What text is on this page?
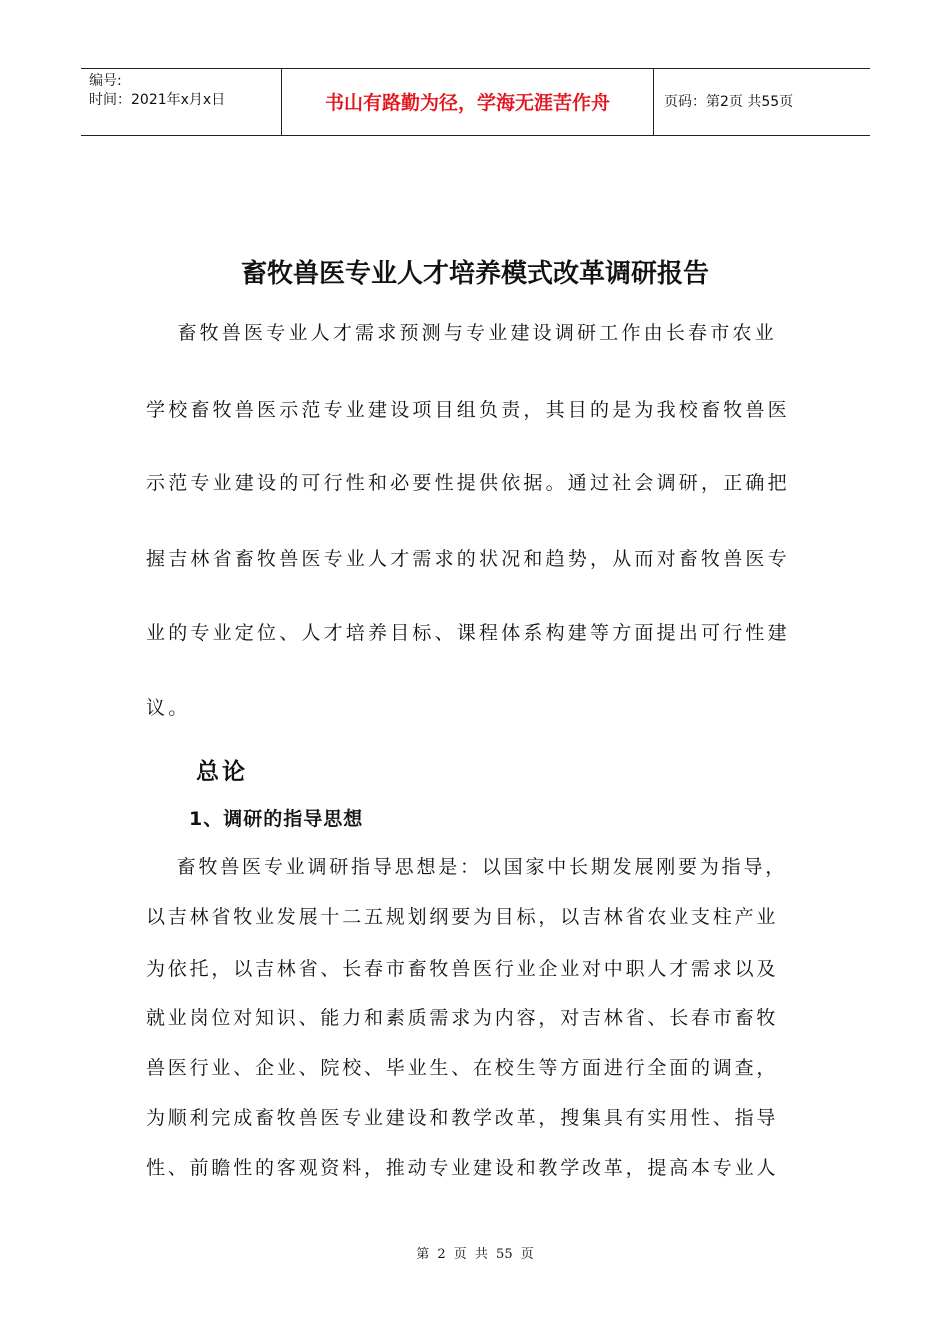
编号:
时间：2021年x月x日	书山有路勤为径，学海无涯苦作舟	页码：第2页 共55页
畜牧兽医专业人才培养模式改革调研报告
　 畜牧兽医专业人才需求预测与专业建设调研工作由长春市农业
学校畜牧兽医示范专业建设项目组负责，其目的是为我校畜牧兽医
示范专业建设的可行性和必要性提供依据。通过社会调研，正确把
握吉林省畜牧兽医专业人才需求的状况和趋势，从而对畜牧兽医专
业的专业定位、人才培养目标、课程体系构建等方面提出可行性建
议。
总论
1、调研的指导思想
　 畜牧兽医专业调研指导思想是：以国家中长期发展刚要为指导，
以吉林省牧业发展十二五规划纲要为目标，以吉林省农业支柱产业
为依托，以吉林省、长春市畜牧兽医行业企业对中职人才需求以及
就业岗位对知识、能力和素质需求为内容，对吉林省、长春市畜牧
兽医行业、企业、院校、毕业生、在校生等方面进行全面的调查，
为顺利完成畜牧兽医专业建设和教学改革，搜集具有实用性、指导
性、前瞻性的客观资料，推动专业建设和教学改革，提高本专业人
第 2 页 共 55 页
